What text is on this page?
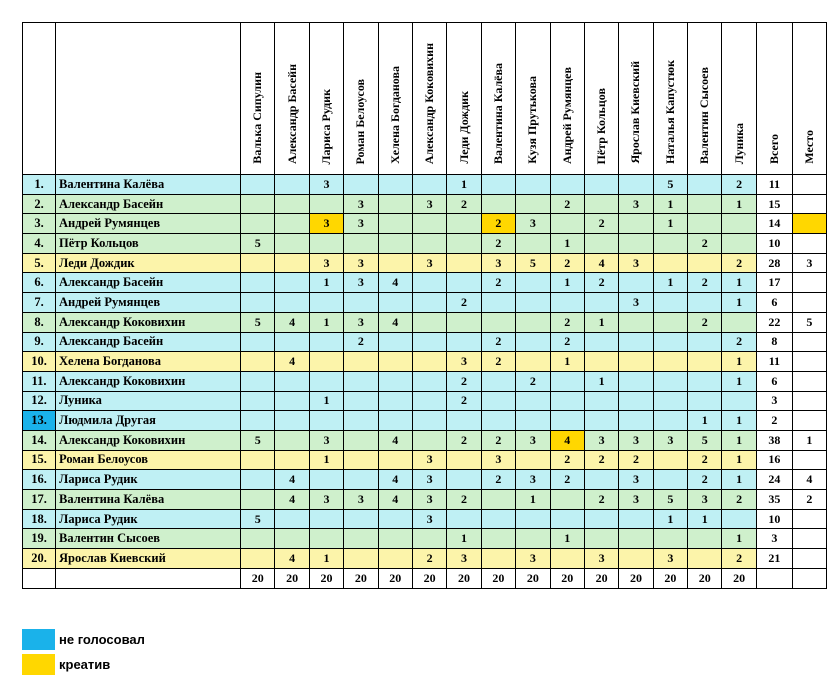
		Валька Сипулин	Александр Басейн	Лариса Рудик	Роман Белоусов	Хелена Богданова	Александр Коковихин	Леди Дождик	Валентина Калёва	Кузя Прутькова	Андрей Румянцев	Пётр Кольцов	Ярослав Киевский	Наталья Капустюк	Валентин Сысоев	Луника	Всего	Место
1.	Валентина Калёва			3				1						5		2	11	
2.	Александр Басейн				3		3	2			2		3	1		1	15	
3.	Андрей Румянцев			3	3				2	3		2		1			14	
4.	Пётр Кольцов	5							2		1				2		10	
5.	Леди Дождик			3	3		3		3	5	2	4	3			2	28	3
6.	Александр Басейн			1	3	4			2		1	2		1	2	1	17	
7.	Андрей Румянцев							2					3			1	6	
8.	Александр Коковихин	5	4	1	3	4					2	1			2		22	5
9.	Александр Басейн				2				2		2					2	8	
10.	Хелена Богданова		4					3	2		1					1	11	
11.	Александр Коковихин							2		2		1				1	6	
12.	Луника			1				2									3	
13.	Людмила Другая														1	1	2	
14.	Александр Коковихин	5		3		4		2	2	3	4	3	3	3	5	1	38	1
15.	Роман Белоусов			1			3		3		2	2	2		2	1	16	
16.	Лариса Рудик		4			4	3		2	3	2		3		2	1	24	4
17.	Валентина Калёва		4	3	3	4	3	2		1		2	3	5	3	2	35	2
18.	Лариса Рудик	5					3							1	1		10	
19.	Валентин Сысоев							1			1					1	3	
20.	Ярослав Киевский		4	1			2	3		3		3		3		2	21	
		20	20	20	20	20	20	20	20	20	20	20	20	20	20	20		
не голосовал
креатив
